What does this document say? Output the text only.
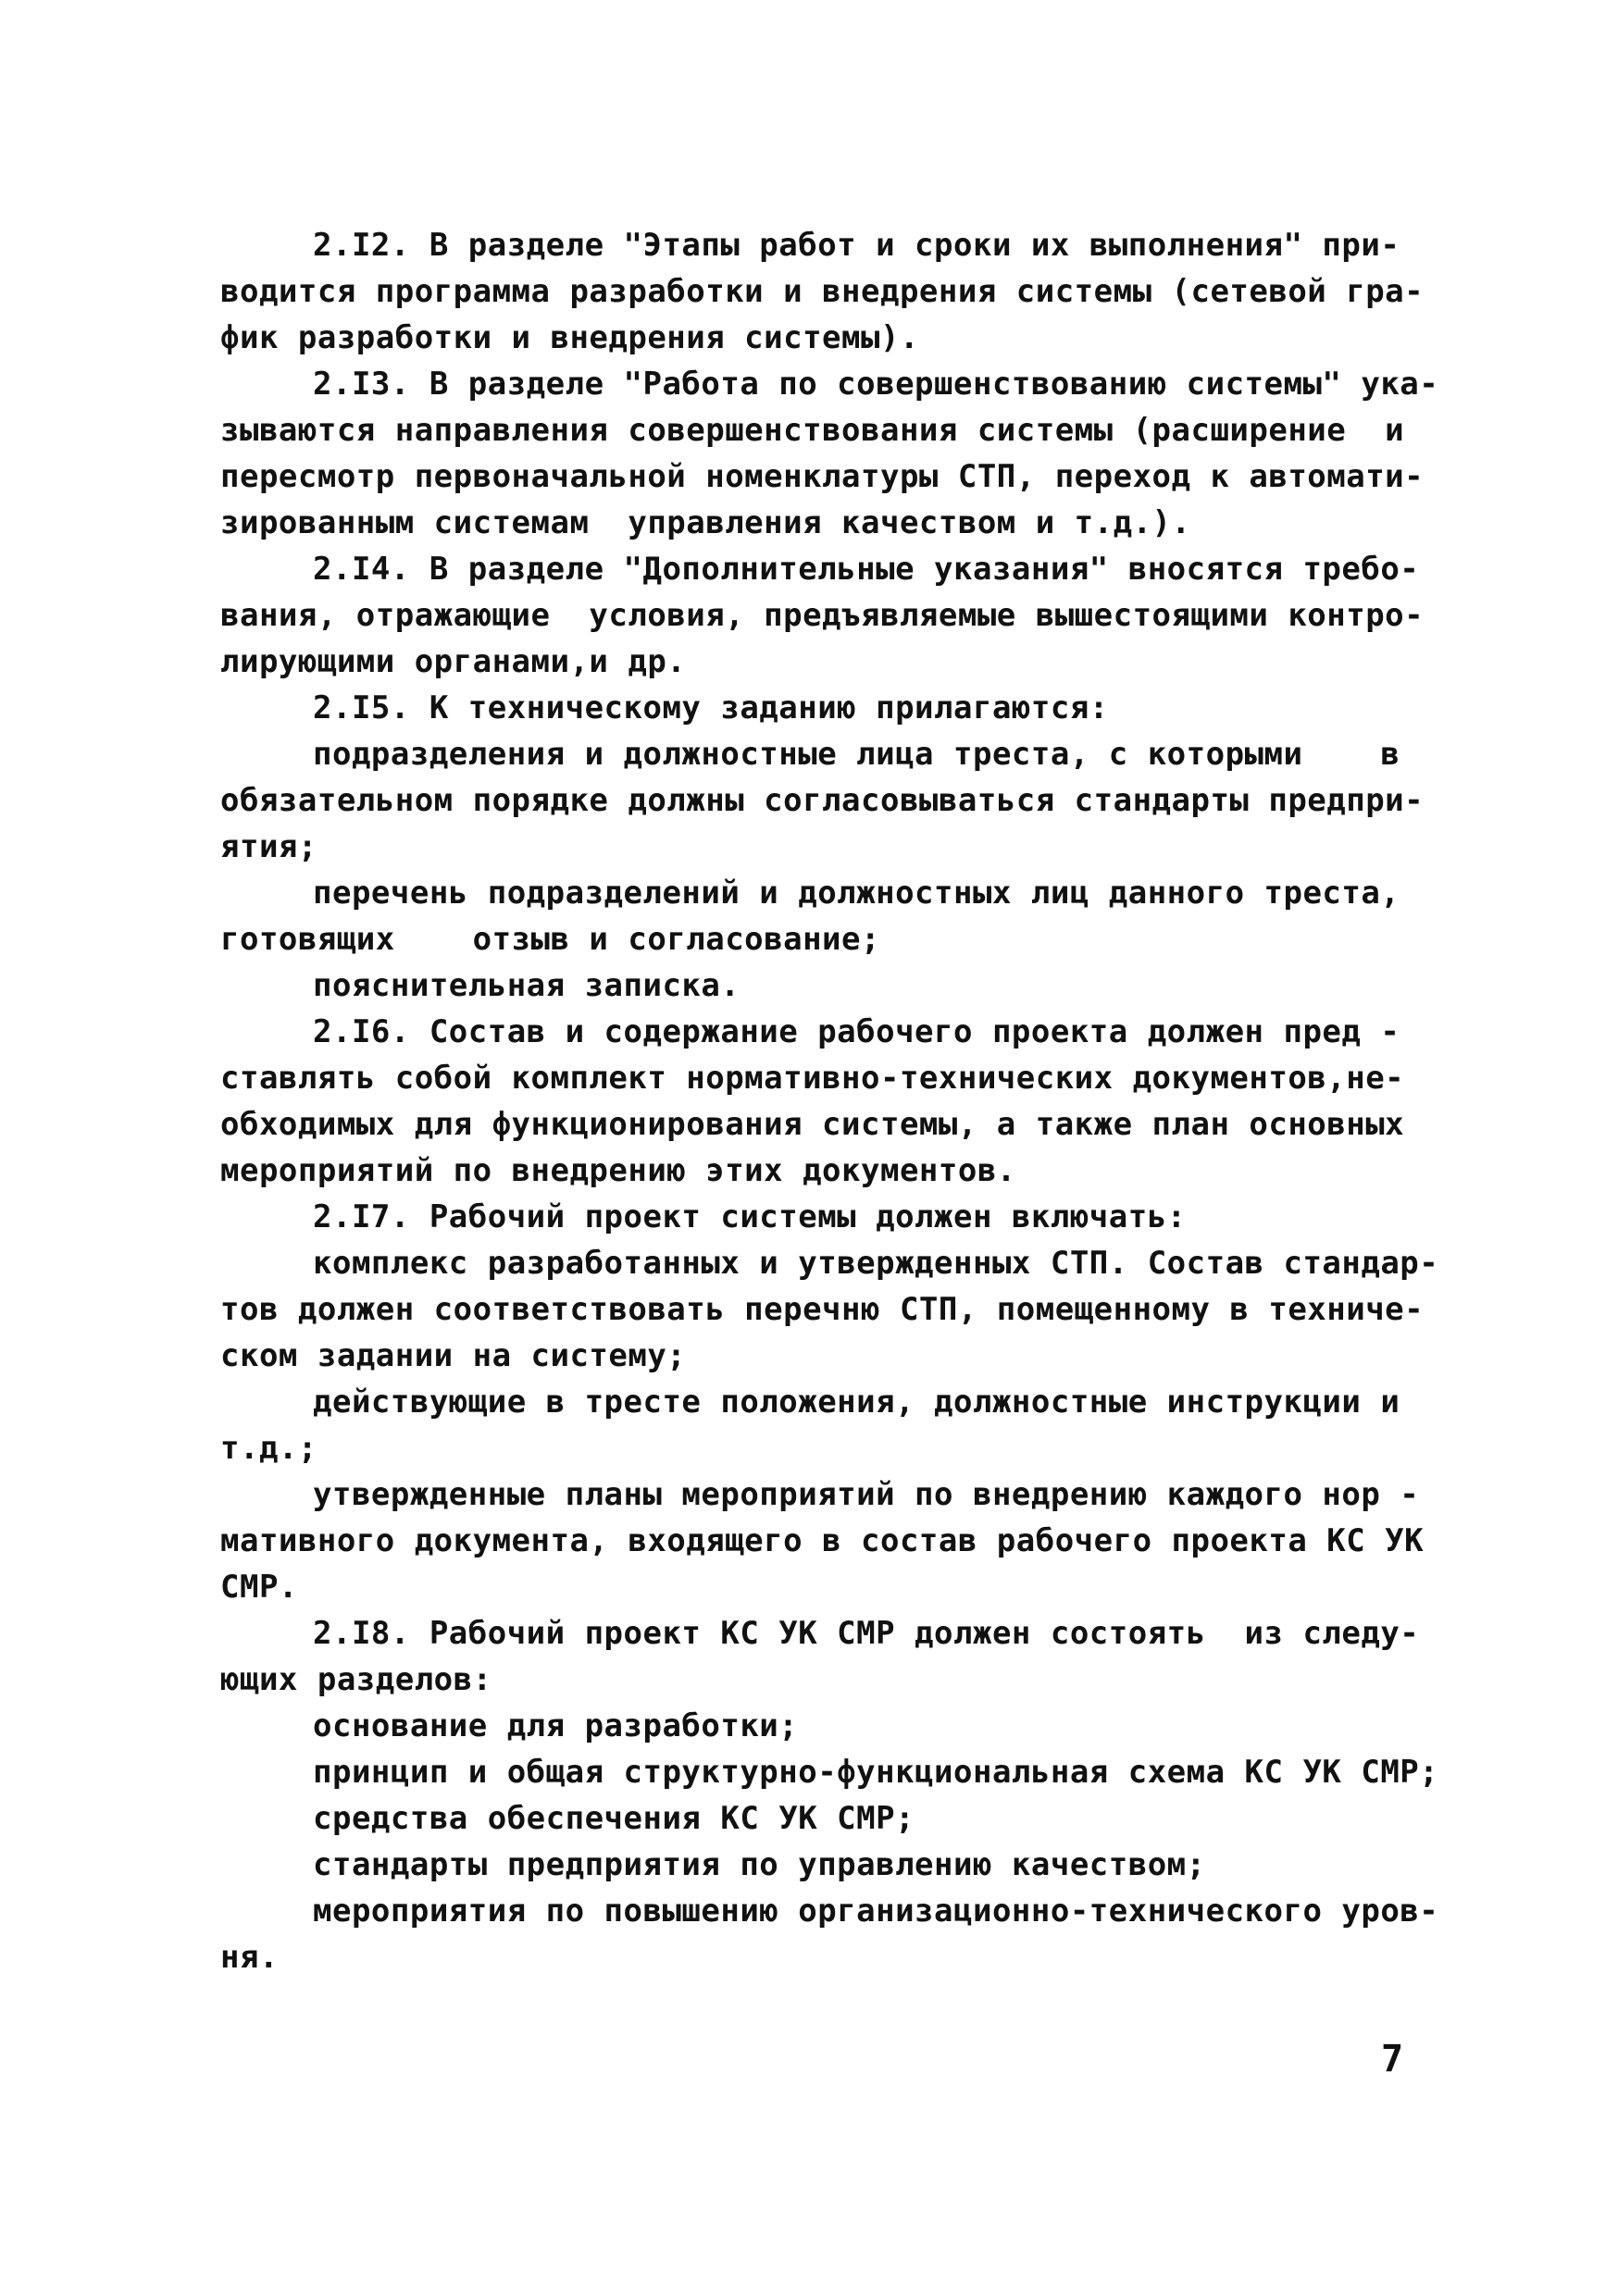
2.I2. В разделе "Этапы работ и сроки их выполнения" при-
водится программа разработки и внедрения системы (сетевой гра-
фик разработки и внедрения системы).
2.I3. В разделе "Работа по совершенствованию системы" ука-
зываются направления совершенствования системы (расширение  и
пересмотр первоначальной номенклатуры СТП, переход к автомати-
зированным системам  управления качеством и т.д.).
2.I4. В разделе "Дополнительные указания" вносятся требо-
вания, отражающие  условия, предъявляемые вышестоящими контро-
лирующими органами,и др.
2.I5. К техническому заданию прилагаются:
подразделения и должностные лица треста, с которыми    в
обязательном порядке должны согласовываться стандарты предпри-
ятия;
перечень подразделений и должностных лиц данного треста,
готовящих    отзыв и согласование;
пояснительная записка.
2.I6. Состав и содержание рабочего проекта должен пред -
ставлять собой комплект нормативно-технических документов,не-
обходимых для функционирования системы, а также план основных
мероприятий по внедрению этих документов.
2.I7. Рабочий проект системы должен включать:
комплекс разработанных и утвержденных СТП. Состав стандар-
тов должен соответствовать перечню СТП, помещенному в техниче-
ском задании на систему;
действующие в тресте положения, должностные инструкции и
т.д.;
утвержденные планы мероприятий по внедрению каждого нор -
мативного документа, входящего в состав рабочего проекта КС УК
СМР.
2.I8. Рабочий проект КС УК СМР должен состоять  из следу-
ющих разделов:
основание для разработки;
принцип и общая структурно-функциональная схема КС УК СМР;
средства обеспечения КС УК СМР;
стандарты предприятия по управлению качеством;
мероприятия по повышению организационно-технического уров-
ня.
7
